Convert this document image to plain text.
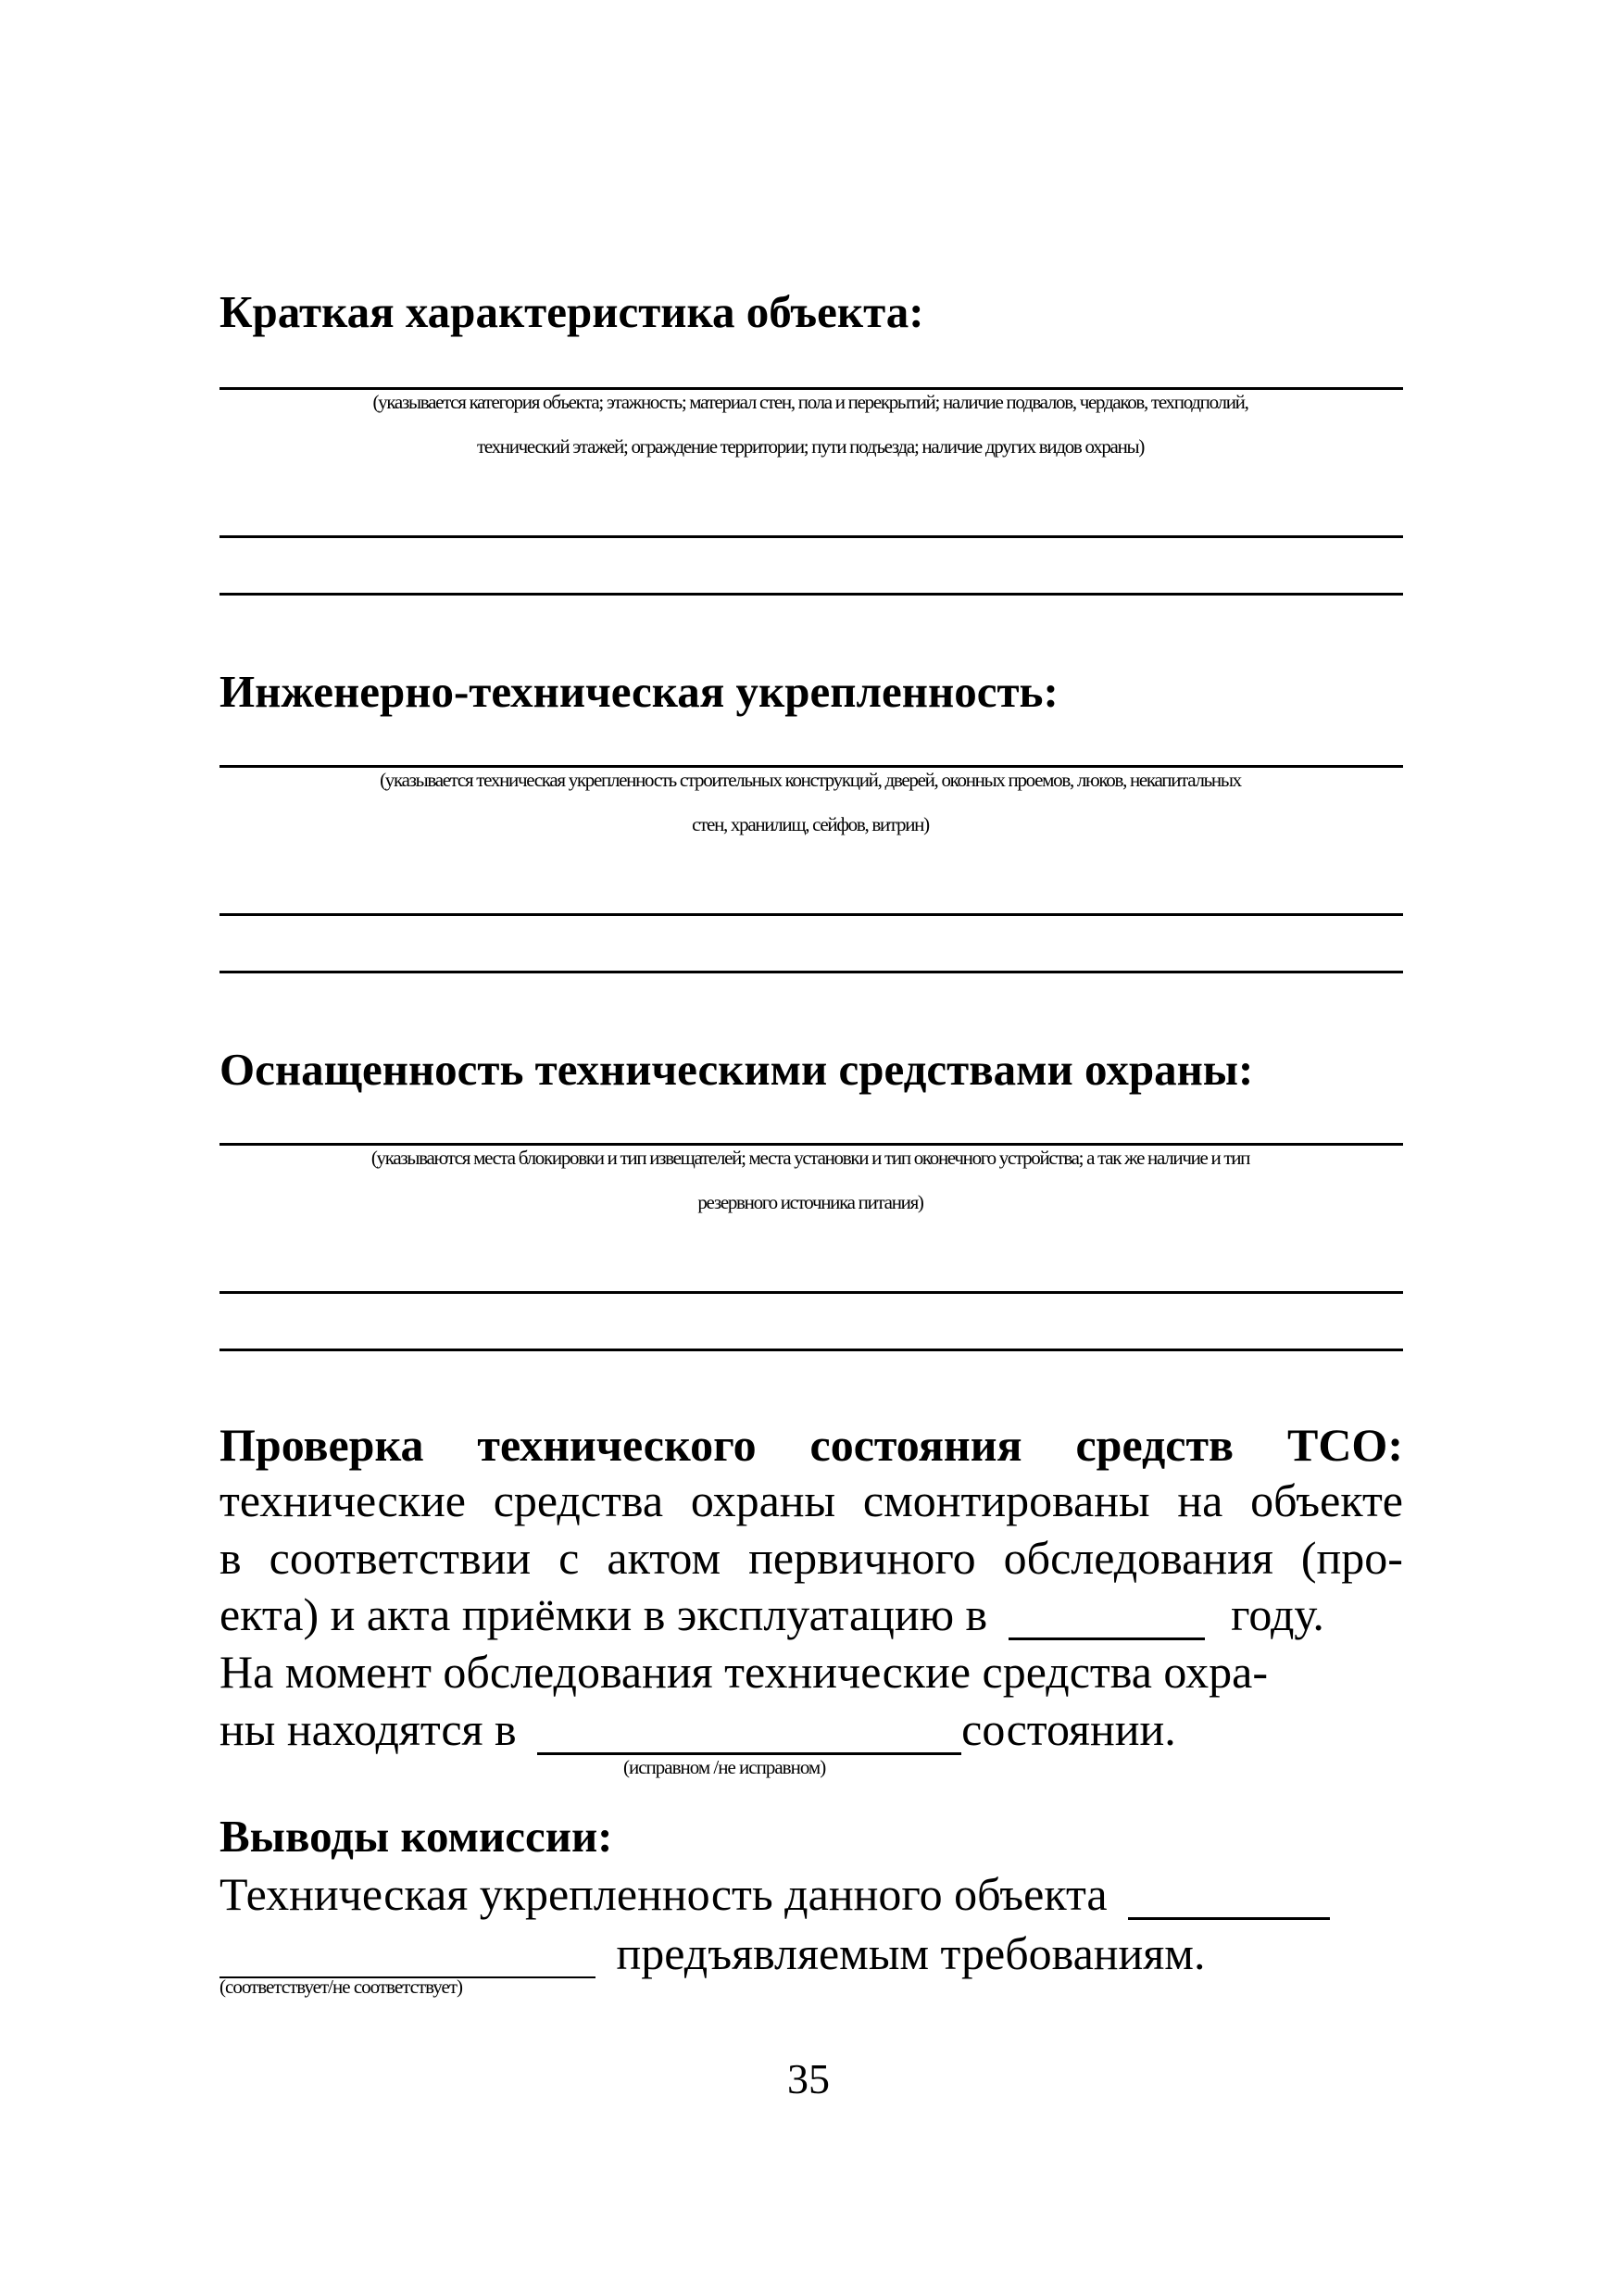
Краткая характеристика объекта:
(указывается категория объекта; этажность; материал стен, пола и перекрытий; наличие подвалов, чердаков, техподполий,
технический этажей; ограждение территории; пути подъезда; наличие других видов охраны)
Инженерно-техническая укрепленность:
(указывается техническая укрепленность строительных конструкций, дверей, оконных проемов, люков, некапитальных
стен, хранилищ, сейфов, витрин)
Оснащенность техническими средствами охраны:
(указываются места блокировки и тип извещателей; места установки и тип оконечного устройства; а так же наличие и тип
резервного источника питания)
Проверка технического состояния средств ТСО:
технические средства охраны смонтированы на объекте
в соответствии с актом первичного обследования (про-
екта) и акта приёмки в эксплуатацию в	году.
На момент обследования технические средства охра-
ны находятся в	состоянии.
(исправном /не исправном)
Выводы комиссии:
Техническая укрепленность данного объекта
предъявляемым требованиям.
(соответствует/не соответствует)
35
